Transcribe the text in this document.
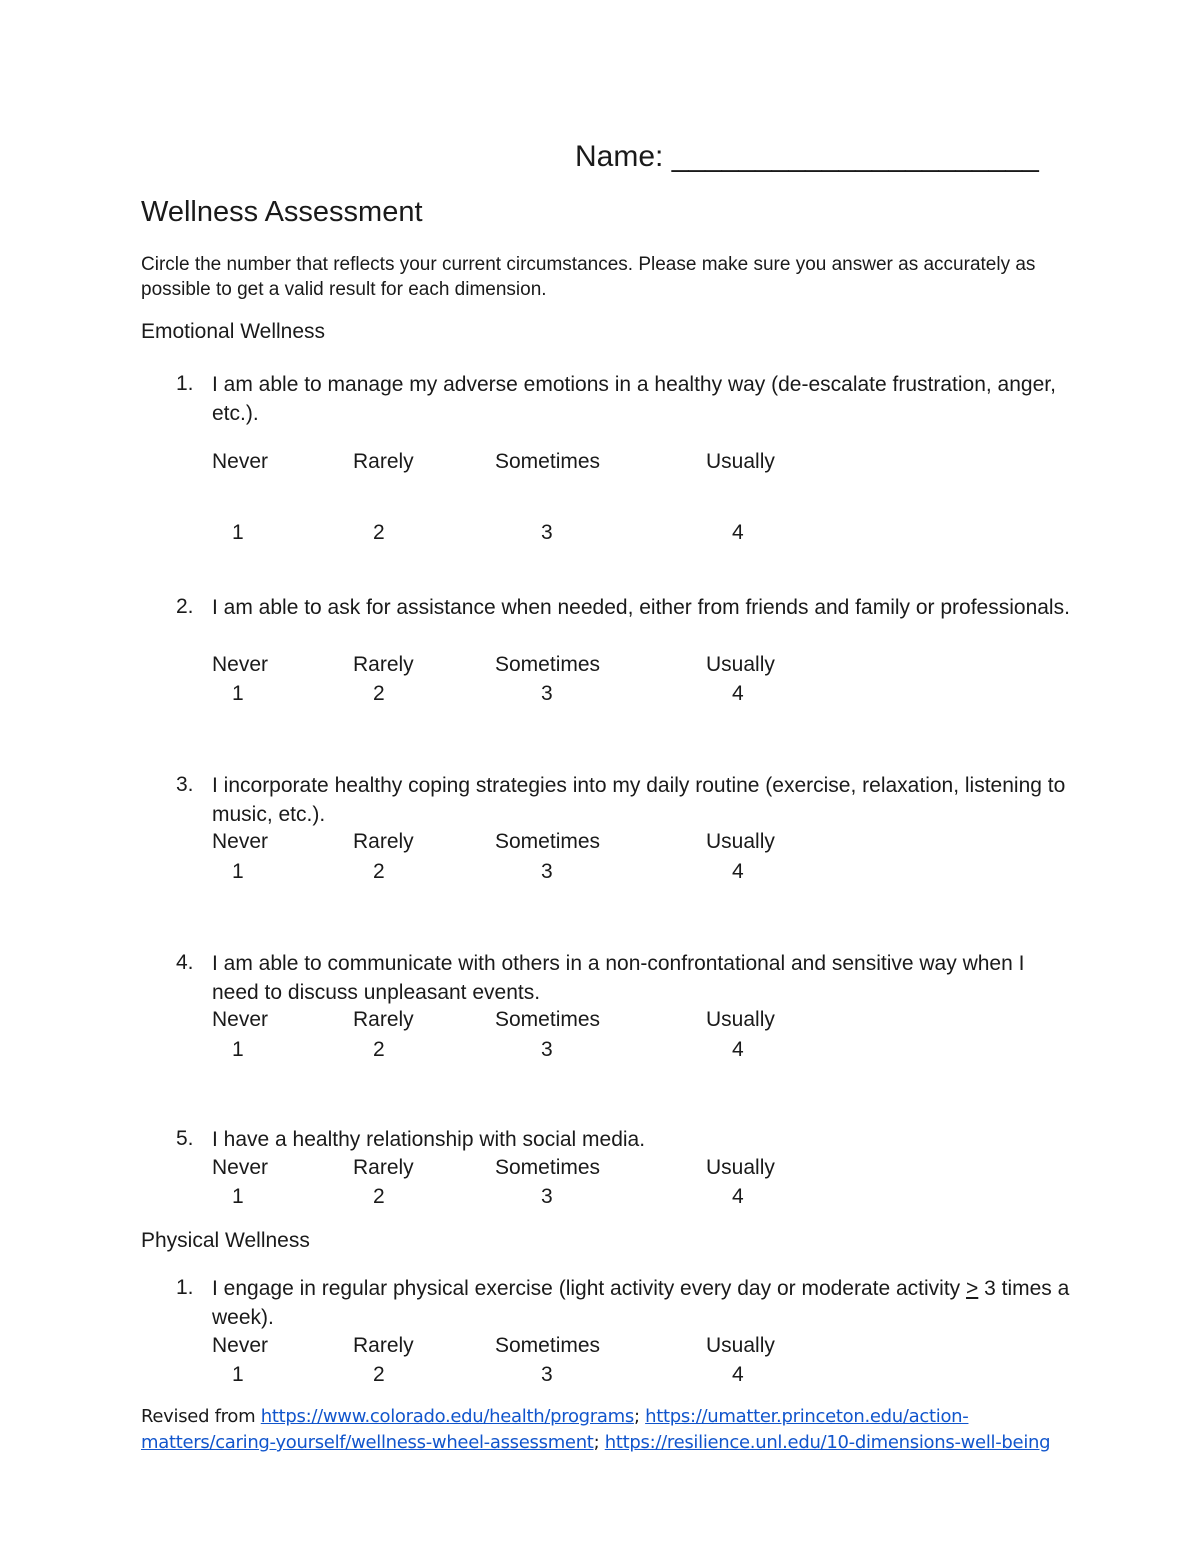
Name: ______________________
Wellness Assessment
Circle the number that reflects your current circumstances. Please make sure you answer as accurately as possible to get a valid result for each dimension.
Emotional Wellness
1. I am able to manage my adverse emotions in a healthy way (de-escalate frustration, anger, etc.).
Never	Rarely	Sometimes	Usually
1	2	3	4
2. I am able to ask for assistance when needed, either from friends and family or professionals.
Never	Rarely	Sometimes	Usually
1	2	3	4
3. I incorporate healthy coping strategies into my daily routine (exercise, relaxation, listening to music, etc.).
Never	Rarely	Sometimes	Usually
1	2	3	4
4. I am able to communicate with others in a non-confrontational and sensitive way when I need to discuss unpleasant events.
Never	Rarely	Sometimes	Usually
1	2	3	4
5. I have a healthy relationship with social media.
Never	Rarely	Sometimes	Usually
1	2	3	4
Physical Wellness
1. I engage in regular physical exercise (light activity every day or moderate activity ≥ 3 times a week).
Never	Rarely	Sometimes	Usually
1	2	3	4
Revised from https://www.colorado.edu/health/programs; https://umatter.princeton.edu/action-matters/caring-yourself/wellness-wheel-assessment; https://resilience.unl.edu/10-dimensions-well-being
